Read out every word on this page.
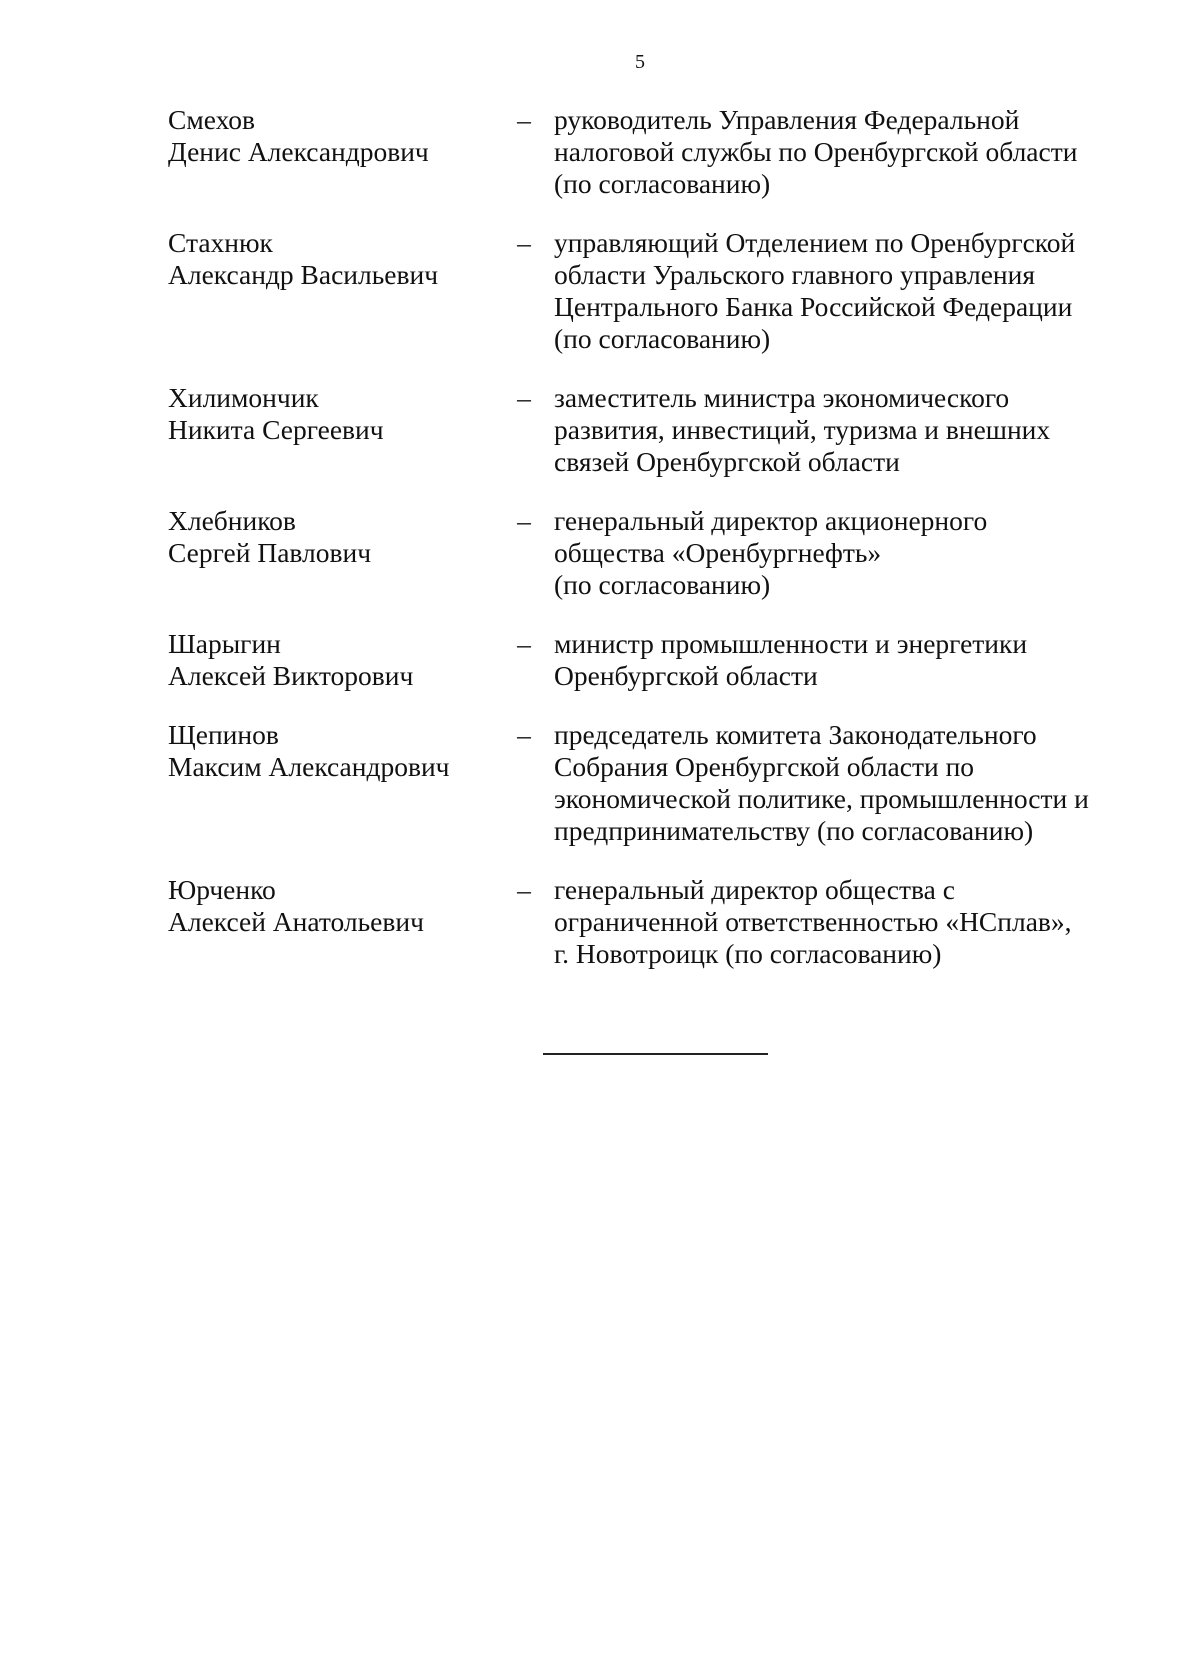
5
Смехов
Денис Александрович
– руководитель Управления Федеральной
налоговой службы по Оренбургской области
(по согласованию)
Стахнюк
Александр Васильевич
– управляющий Отделением по Оренбургской
области Уральского главного управления
Центрального Банка Российской Федерации
(по согласованию)
Хилимончик
Никита Сергеевич
– заместитель министра экономического
развития, инвестиций, туризма и внешних
связей Оренбургской области
Хлебников
Сергей Павлович
– генеральный директор акционерного
общества «Оренбургнефть»
(по согласованию)
Шарыгин
Алексей Викторович
– министр промышленности и энергетики
Оренбургской области
Щепинов
Максим Александрович
– председатель комитета Законодательного
Собрания Оренбургской области по
экономической политике, промышленности и
предпринимательству (по согласованию)
Юрченко
Алексей Анатольевич
– генеральный директор общества с
ограниченной ответственностью «НСплав»,
г. Новотроицк (по согласованию)
